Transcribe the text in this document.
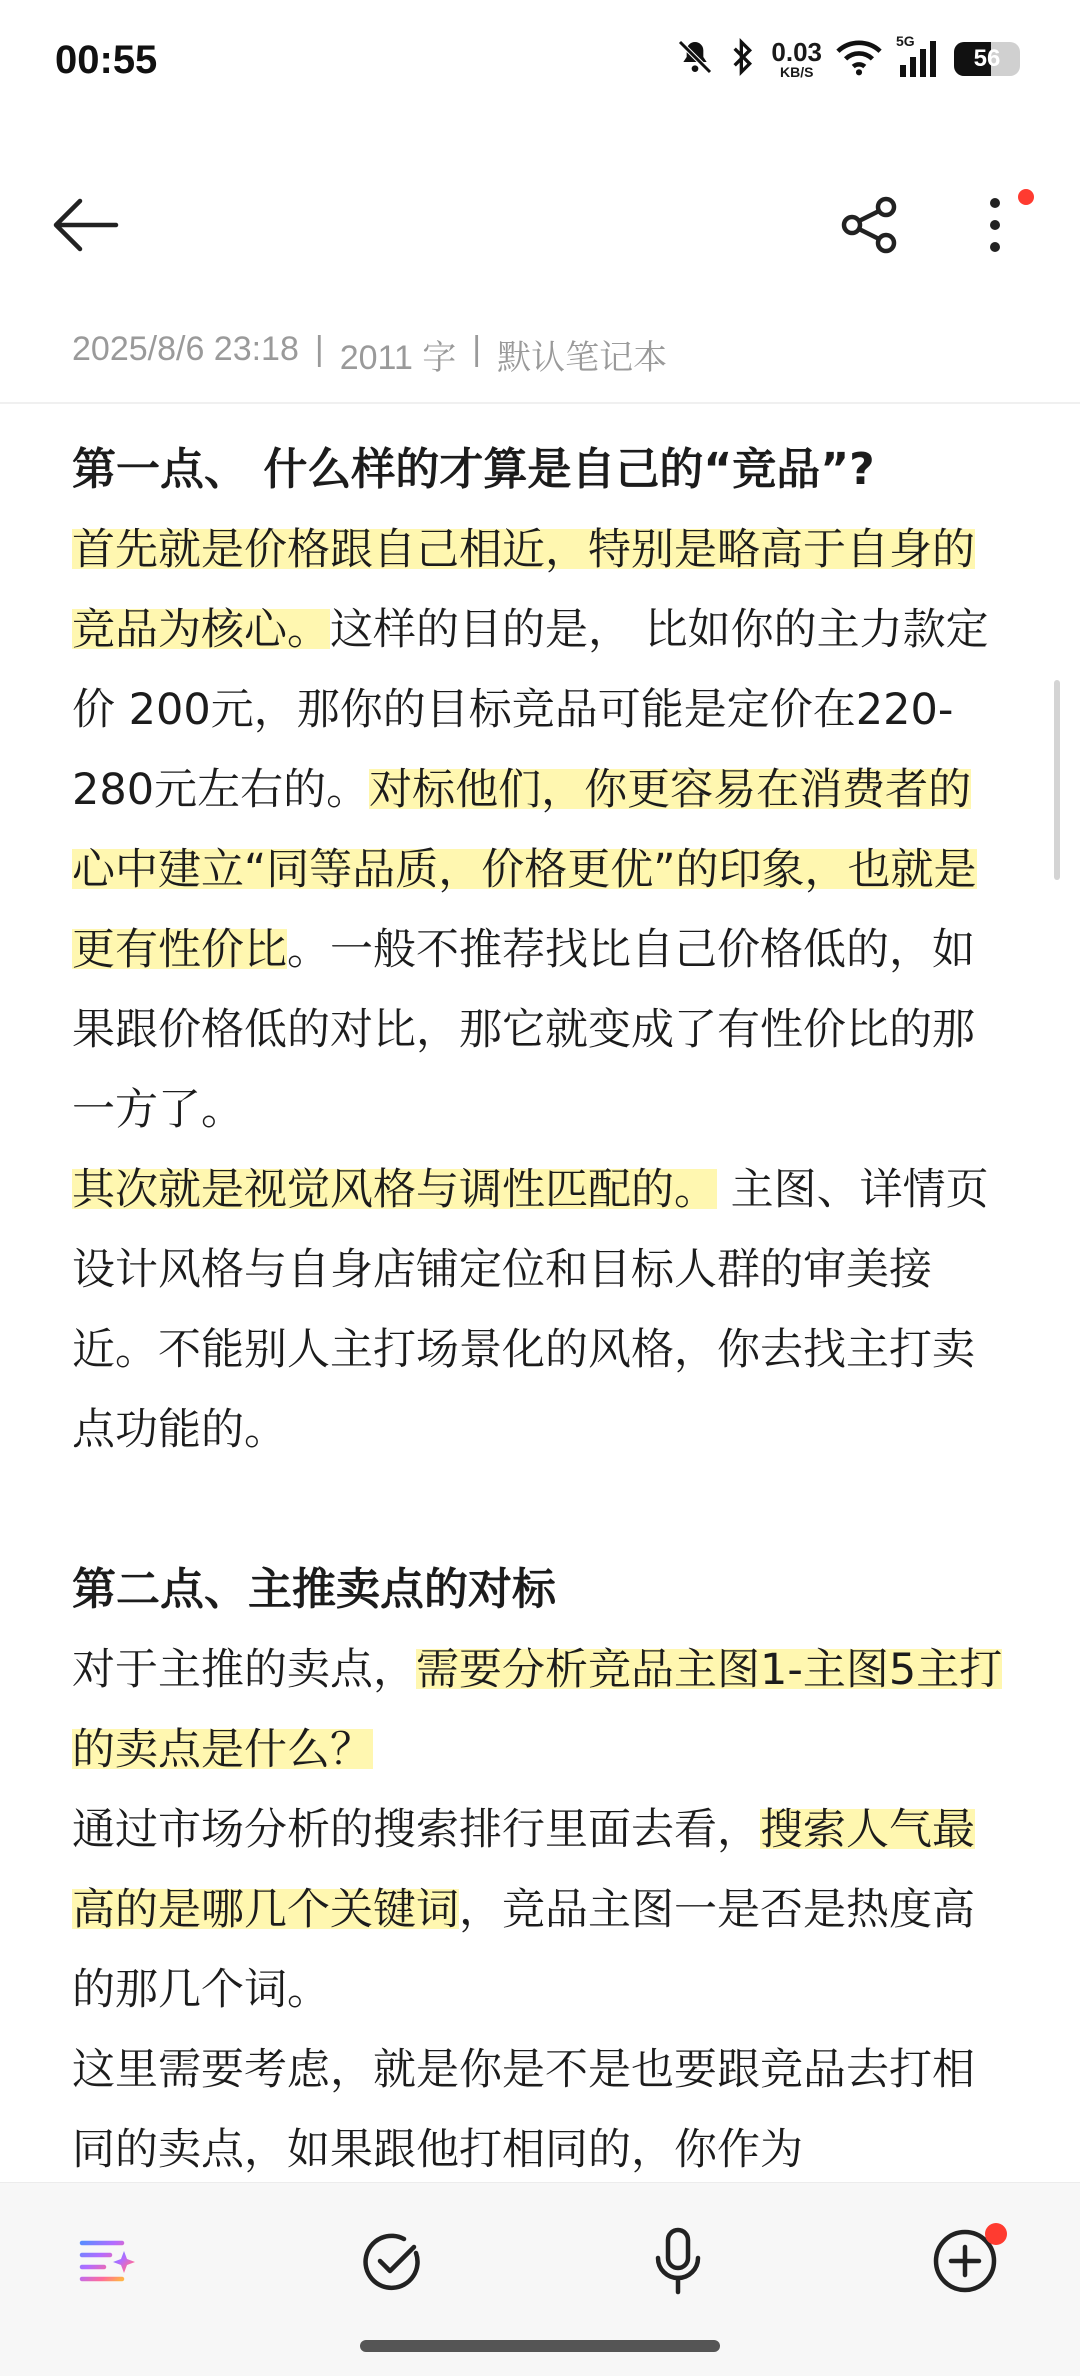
00:55	0.03
KB/S
5G
56
2025/8/6 23:18 | 2011 字 | 默认笔记本
第一点、 什么样的才算是自己的“竞品”?

首先就是价格跟自己相近，特别是略高于自身的竞品为核心。这样的目的是， 比如你的主力款定价 200元，那你的目标竞品可能是定价在220-280元左右的。对标他们，你更容易在消费者的心中建立“同等品质，价格更优”的印象，也就是更有性价比。一般不推荐找比自己价格低的，如果跟价格低的对比，那它就变成了有性价比的那一方了。

其次就是视觉风格与调性匹配的。 主图、详情页设计风格与自身店铺定位和目标人群的审美接近。不能别人主打场景化的风格，你去找主打卖点功能的。

第二点、主推卖点的对标

对于主推的卖点，需要分析竞品主图1-主图5主打的卖点是什么？

通过市场分析的搜索排行里面去看，搜索人气最高的是哪几个关键词，竞品主图一是否是热度高的那几个词。

这里需要考虑，就是你是不是也要跟竞品去打相同的卖点，如果跟他打相同的，你作为
